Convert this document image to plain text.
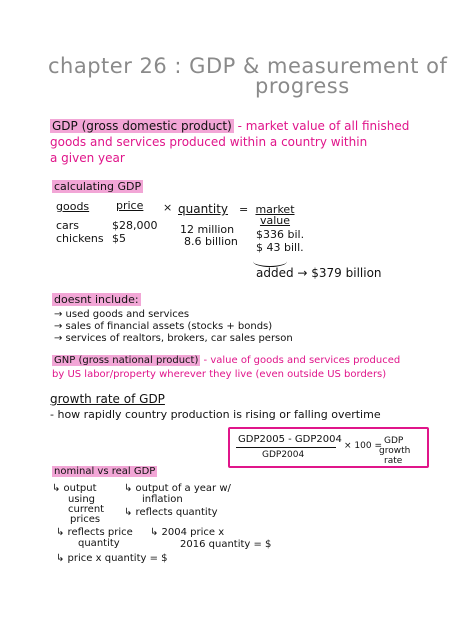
chapter 26 : GDP & measurement of
progress
GDP (gross domestic product) - market value of all finished
goods and services produced within a country within
a given year
calculating GDP
goods price × quantity = market value
cars
chickens
$28,000
$5
12 million
8.6 billion
$336 bil.
$ 43 bill.
added → $379 billion
doesnt include:
→ used goods and services
→ sales of financial assets (stocks + bonds)
→ services of realtors, brokers, car sales person
GNP (gross national product) - value of goods and services produced
by US labor/property wherever they live (even outside US borders)
growth rate of GDP
- how rapidly country production is rising or falling overtime
GDP2005 - GDP2004
GDP2004
× 100 = GDP
growth
rate
nominal vs real GDP
↳ output
using
current
prices
↳ reflects price
quantity
↳ price x quantity = $
↳ output of a year w/
inflation
↳ reflects quantity
↳ 2004 price x
2016 quantity = $
